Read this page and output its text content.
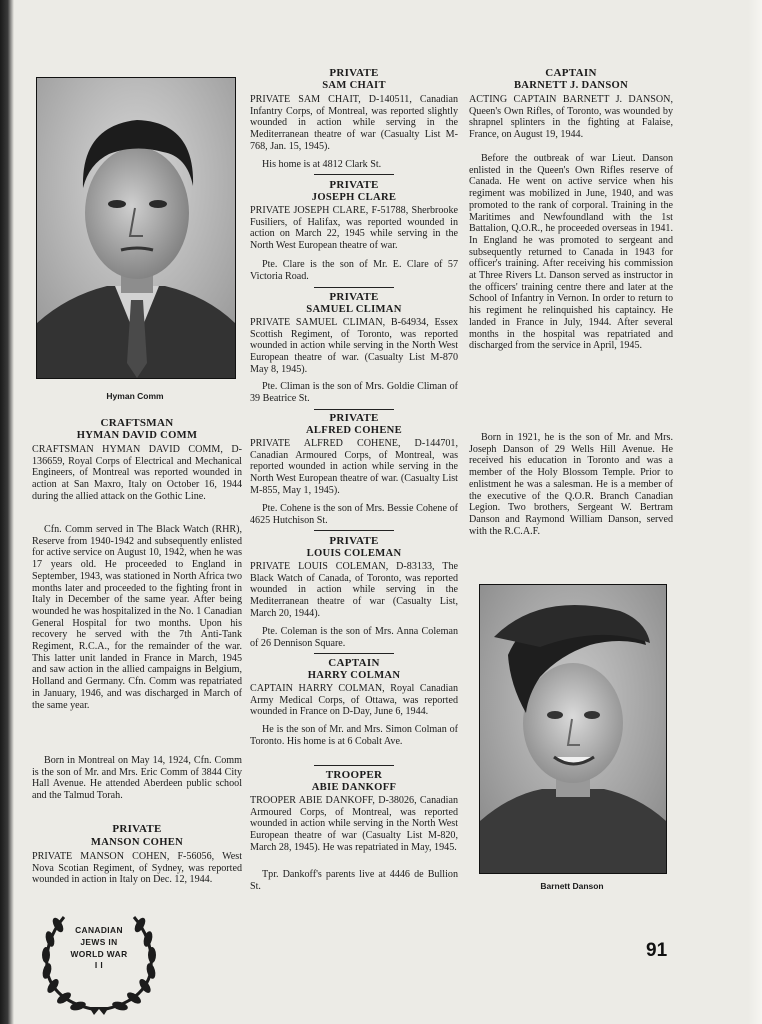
Hyman Comm

CRAFTSMAN

HYMAN DAVID COMM

CRAFTSMAN HYMAN DAVID COMM, D-136659, Royal Corps of Electrical and Mechanical Engineers, of Montreal was reported wounded in action at San Maxro, Italy on October 16, 1944 during the allied attack on the Gothic Line.

Cfn. Comm served in The Black Watch (RHR), Reserve from 1940-1942 and subsequently enlisted for active service on August 10, 1942, when he was 17 years old. He proceeded to England in September, 1943, was stationed in North Africa two months later and proceeded to the fighting front in Italy in December of the same year. After being wounded he was hospitalized in the No. 1 Canadian General Hospital for two months. Upon his recovery he served with the 7th Anti-Tank Regiment, R.C.A., for the remainder of the war. This latter unit landed in France in March, 1945 and saw action in the allied campaigns in Belgium, Holland and Germany. Cfn. Comm was repatriated in January, 1946, and was discharged in March of the same year.

Born in Montreal on May 14, 1924, Cfn. Comm is the son of Mr. and Mrs. Eric Comm of 3844 City Hall Avenue. He attended Aberdeen public school and the Talmud Torah.

PRIVATE

MANSON COHEN

PRIVATE MANSON COHEN, F-56056, West Nova Scotian Regiment, of Sydney, was reported wounded in action in Italy on Dec. 12, 1944.

CANADIAN
JEWS IN
WORLD WAR
I I

PRIVATE

SAM CHAIT

PRIVATE SAM CHAIT, D-140511, Canadian Infantry Corps, of Montreal, was reported slightly wounded in action while serving in the Mediterranean theatre of war (Casualty List M-768, Jan. 15, 1945).

His home is at 4812 Clark St.

PRIVATE

JOSEPH CLARE

PRIVATE JOSEPH CLARE, F-51788, Sherbrooke Fusiliers, of Halifax, was reported wounded in action on March 22, 1945 while serving in the North West European theatre of war.

Pte. Clare is the son of Mr. E. Clare of 57 Victoria Road.

PRIVATE

SAMUEL CLIMAN

PRIVATE SAMUEL CLIMAN, B-64934, Essex Scottish Regiment, of Toronto, was reported wounded in action while serving in the North West European theatre of war. (Casualty List M-870 May 8, 1945).

Pte. Climan is the son of Mrs. Goldie Climan of 39 Beatrice St.

PRIVATE

ALFRED COHENE

PRIVATE ALFRED COHENE, D-144701, Canadian Armoured Corps, of Montreal, was reported wounded in action while serving in the North West European theatre of war. (Casualty List M-855, May 1, 1945).

Pte. Cohene is the son of Mrs. Bessie Cohene of 4625 Hutchison St.

PRIVATE

LOUIS COLEMAN

PRIVATE LOUIS COLEMAN, D-83133, The Black Watch of Canada, of Toronto, was reported wounded in action while serving in the Mediterranean theatre of war (Casualty List, March 20, 1944).

Pte. Coleman is the son of Mrs. Anna Coleman of 26 Dennison Square.

CAPTAIN

HARRY COLMAN

CAPTAIN HARRY COLMAN, Royal Canadian Army Medical Corps, of Ottawa, was reported wounded in France on D-Day, June 6, 1944.

He is the son of Mr. and Mrs. Simon Colman of Toronto. His home is at 6 Cobalt Ave.

TROOPER

ABIE DANKOFF

TROOPER ABIE DANKOFF, D-38026, Canadian Armoured Corps, of Montreal, was reported wounded in action while serving in the North West European theatre of war (Casualty List M-820, March 28, 1945). He was repatriated in May, 1945.

Tpr. Dankoff's parents live at 4446 de Bullion St.

CAPTAIN

BARNETT J. DANSON

ACTING CAPTAIN BARNETT J. DANSON, Queen's Own Rifles, of Toronto, was wounded by shrapnel splinters in the fighting at Falaise, France, on August 19, 1944.

Before the outbreak of war Lieut. Danson enlisted in the Queen's Own Rifles reserve of Canada. He went on active service when his regiment was mobilized in June, 1940, and was promoted to the rank of corporal. Training in the Maritimes and Newfoundland with the 1st Battalion, Q.O.R., he proceeded overseas in 1941. In England he was promoted to sergeant and subsequently returned to Canada in 1943 for officer's training. After receiving his commission at Three Rivers Lt. Danson served as instructor in the officers' training centre there and later at the School of Infantry in Vernon. In order to return to his regiment he relinquished his captaincy. He landed in France in July, 1944. After several months in the hospital was repatriated and discharged from the service in April, 1945.

Born in 1921, he is the son of Mr. and Mrs. Joseph Danson of 29 Wells Hill Avenue. He received his education in Toronto and was a member of the Holy Blossom Temple. Prior to enlistment he was a salesman. He is a member of the executive of the Q.O.R. Branch Canadian Legion. Two brothers, Sergeant W. Bertram Danson and Raymond William Danson, served with the R.C.A.F.

Barnett Danson

91
